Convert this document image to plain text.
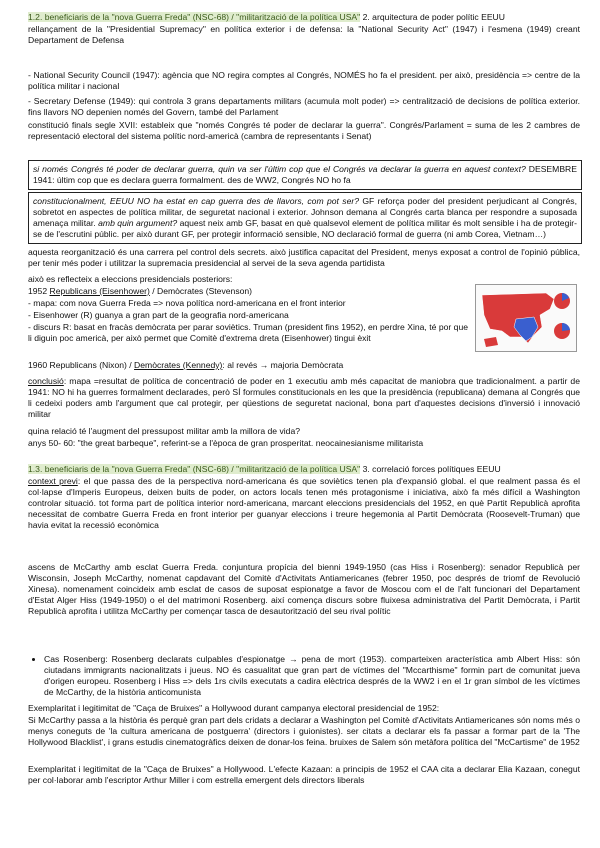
1.2. beneficiaris de la "nova Guerra Freda" (NSC-68) / "militarització de la política USA" 2. arquitectura de poder polític EEUU

rellançament de la "Presidential Supremacy" en política exterior i de defensa: la "National Security Act" (1947) i l'esmena (1949) creant Departament de Defensa

- National Security Council (1947): agència que NO regira comptes al Congrés, NOMÉS ho fa el president. per això, presidència => centre de la política militar i nacional

- Secretary Defense (1949): qui controla 3 grans departaments militars (acumula molt poder) => centralització de decisions de política exterior. fins llavors NO depenien només del Govern, també del Parlament

constitució finals segle XVII: estableix que "només Congrés té poder de declarar la guerra". Congrés/Parlament = suma de les 2 cambres de representació electoral del sistema polític nord-americà (cambra de representants i Senat)

si només Congrés té poder de declarar guerra, quin va ser l'últim cop que el Congrés va declarar la guerra en aquest context? DESEMBRE 1941: últim cop que es declara guerra formalment. des de WW2, Congrés NO ho fa

constitucionalment, EEUU NO ha estat en cap guerra des de llavors, com pot ser? GF reforça poder del president perjudicant al Congrés, sobretot en aspectes de política militar, de seguretat nacional i exterior. Johnson demana al Congrés carta blanca per respondre a suposada amenaça militar. amb quin argument? aquest neix amb GF, basat en què qualsevol element de política militar és molt sensible i ha de protegir-se de l'escrutini públic. per això durant GF, per protegir informació sensible, NO declaració formal de guerra (ni amb Corea, Vietnam…)

aquesta reorganització és una carrera pel control dels secrets. això justifica capacitat del President, menys exposat a control de l'opinió pública, per tenir més poder i utilitzar la supremacia presidencial al servei de la seva agenda partidista

això es reflecteix a eleccions presidencials posteriors:

1952 Republicans (Eisenhower) / Demòcrates (Stevenson)

- mapa: com nova Guerra Freda => nova política nord-americana en el front interior

- Eisenhower (R) guanya a gran part de la geografia nord-americana

- discurs R: basat en fracàs demòcrata per parar soviètics. Truman (president fins 1952), en perdre Xina, té por que li diguin poc americà, per això permet que Comitè d'extrema dreta (Eisenhower) tingui èxit

1960 Republicans (Nixon) / Demòcrates (Kennedy): al revés → majoria Demòcrata

conclusió: mapa =resultat de política de concentració de poder en 1 executiu amb més capacitat de maniobra que tradicionalment. a partir de 1941: NO hi ha guerres formalment declarades, però SÍ formules constitucionals en les que la presidència (republicana) demana al Congrés que li cedeixi poders amb l'argument que cal protegir, per qüestions de seguretat nacional, bona part d'aquestes decisions d'inversió i innovació militar

quina relació té l'augment del pressupost militar amb la millora de vida?

anys 50- 60: "the great barbeque", referint-se a l'època de gran prosperitat. neocainesianisme militarista

1.3. beneficiaris de la "nova Guerra Freda" (NSC-68) / "militarització de la política USA" 3. correlació forces polítiques EEUU

context previ: el que passa des de la perspectiva nord-americana és que soviètics tenen pla d'expansió global. el que realment passa és el col·lapse d'Imperis Europeus, deixen buits de poder, on actors locals tenen més protagonisme i iniciativa, això fa més difícil a Washington controlar situació. tot forma part de política interior nord-americana, marcant eleccions presidencials del 1952, en què Partit Republicà aprofita necessitat de combatre Guerra Freda en front interior per guanyar eleccions i treure hegemonia al Partit Demòcrata (Roosevelt-Truman) que havia evitat la recessió econòmica

ascens de McCarthy amb esclat Guerra Freda. conjuntura propícia del bienni 1949-1950 (cas Hiss i Rosenberg): senador Republicà per Wisconsin, Joseph McCarthy, nomenat capdavant del Comitè d'Activitats Antiamericanes (febrer 1950, poc després de triomf de Revolució Xinesa). nomenament coincideix amb esclat de casos de suposat espionatge a favor de Moscou com el de l'alt funcionari del Departament d'Estat Alger Hiss (1949-1950) o el del matrimoni Rosenberg. així comença discurs sobre fluixesa administrativa del Partit Demòcrata, i Partit Republicà aprofita i utilitza McCarthy per començar tasca de desautorització del seu rival polític

• Cas Rosenberg: Rosenberg declarats culpables d'espionatge → pena de mort (1953). comparteixen aracterística amb Albert Hiss: són ciutadans immigrants nacionalitzats i jueus. NO és casualitat que gran part de víctimes del "Mccarthisme" formin part de comunitat jueva d'origen europeu. Rosenberg i Hiss => dels 1rs civils executats a cadira elèctrica després de la WW2 i en el 1r gran símbol de les víctimes de McCarthy, de la història anticomunista

Exemplaritat i legitimitat de "Caça de Bruixes" a Hollywood durant campanya electoral presidencial de 1952:

Si McCarthy passa a la història és perquè gran part dels cridats a declarar a Washington pel Comitè d'Activitats Antiamericanes són noms més o menys coneguts de 'la cultura americana de postguerra' (directors i guionistes). ser citats a declarar els fa passar a formar part de la 'The Hollywood Blacklist', i grans estudis cinematogràfics deixen de donar-los feina. bruixes de Salem són metàfora política del "McCartisme" de 1952

Exemplaritat i legitimitat de la "Caça de Bruixes" a Hollywood. L'efecte Kazaan: a principis de 1952 el CAA cita a declarar Elia Kazaan, conegut per col·laborar amb l'escriptor Arthur Miller i com estrella emergent dels directors liberals
